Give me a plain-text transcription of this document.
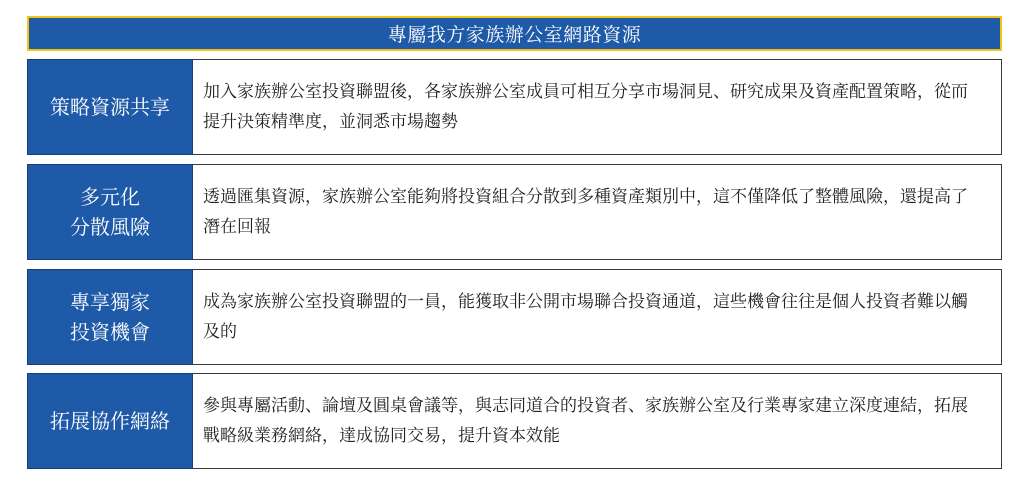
專屬我方家族辦公室網路資源
策略資源共享
加入家族辦公室投資聯盟後，各家族辦公室成員可相互分享市場洞見、研究成果及資產配置策略，從而提升決策精準度，並洞悉市場趨勢
多元化
分散風險
透過匯集資源，家族辦公室能夠將投資組合分散到多種資產類別中，這不僅降低了整體風險，還提高了潛在回報
專享獨家
投資機會
成為家族辦公室投資聯盟的一員，能獲取非公開市場聯合投資通道，這些機會往往是個人投資者難以觸及的
拓展協作網絡
參與專屬活動、論壇及圓桌會議等，與志同道合的投資者、家族辦公室及行業專家建立深度連結，拓展戰略級業務網絡，達成協同交易，提升資本效能
